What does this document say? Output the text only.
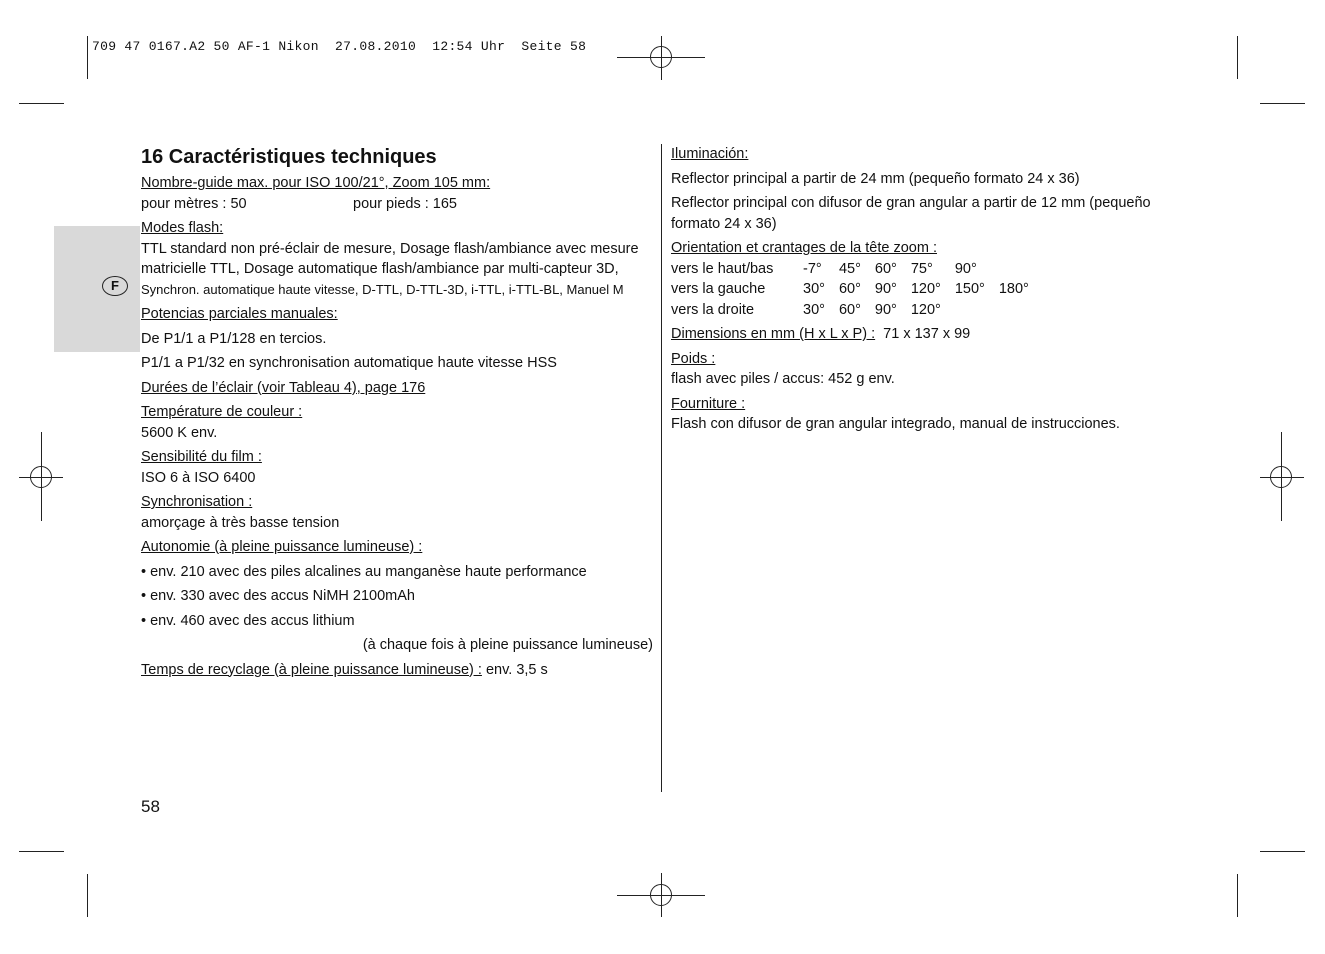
709 47 0167.A2 50 AF-1 Nikon  27.08.2010  12:54 Uhr  Seite 58
F
16 Caractéristiques techniques
Nombre-guide max. pour ISO 100/21°, Zoom 105 mm:
pour mètres : 50	pour pieds : 165
Modes flash:
TTL standard non pré-éclair de mesure, Dosage flash/ambiance avec mesure
matricielle TTL, Dosage automatique flash/ambiance par multi-capteur 3D,
Synchron. automatique haute vitesse, D-TTL, D-TTL-3D, i-TTL, i-TTL-BL, Manuel M
Potencias parciales manuales:
De P1/1 a P1/128 en tercios.
P1/1 a P1/32 en synchronisation automatique haute vitesse HSS
Durées de l’éclair (voir Tableau 4), page 176
Température de couleur :
5600 K env.
Sensibilité du film :
ISO 6 à ISO 6400
Synchronisation :
amorçage à très basse tension
Autonomie (à pleine puissance lumineuse) :
• env. 210 avec des piles alcalines au manganèse haute performance
• env. 330 avec des accus NiMH 2100mAh
• env. 460 avec des accus lithium
(à chaque fois à pleine puissance lumineuse)
Temps de recyclage (à pleine puissance lumineuse) : env. 3,5 s
Iluminación:
Reflector principal a partir de 24 mm (pequeño formato 24 x 36)
Reflector principal con difusor de gran angular a partir de 12 mm (pequeño formato 24 x 36)
Orientation et crantages de la tête zoom :
vers le haut/bas	-7°	45°	60°	75°	90°	
vers la gauche	30°	60°	90°	120°	150°	180°
vers la droite	30°	60°	90°	120°		
Dimensions en mm (H x L x P) :  71 x 137 x 99
Poids :
flash avec piles / accus: 452 g env.
Fourniture :
Flash con difusor de gran angular integrado, manual de instrucciones.
58
